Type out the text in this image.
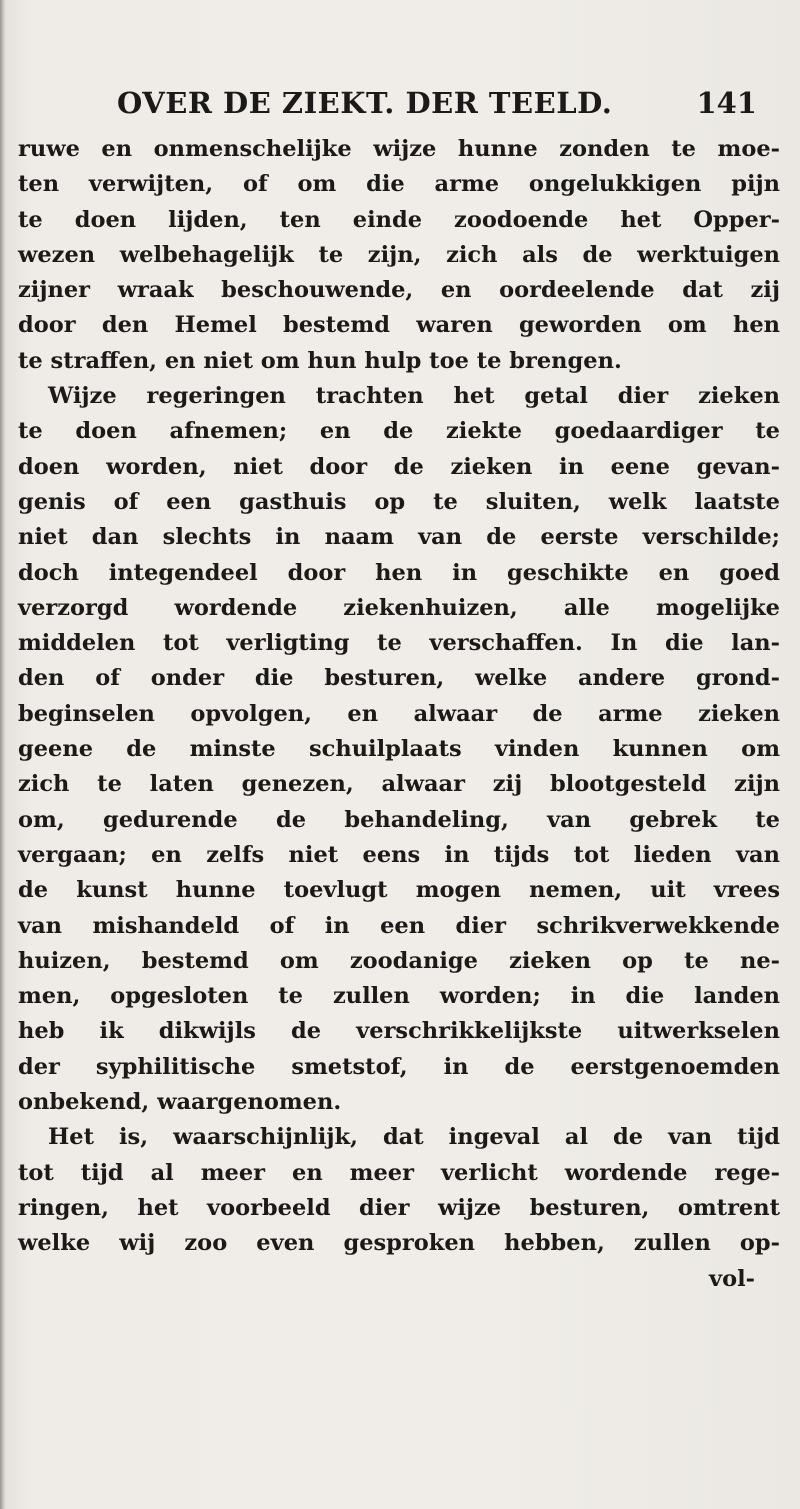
OVER DE ZIEKT. DER TEELD.	141
ruwe en onmenschelijke wijze hunne zonden te moe-
ten verwijten, of om die arme ongelukkigen pijn
te doen lijden, ten einde zoodoende het Opper-
wezen welbehagelijk te zijn, zich als de werktuigen
zijner wraak beschouwende, en oordeelende dat zij
door den Hemel bestemd waren geworden om hen
te straffen, en niet om hun hulp toe te brengen.
Wijze regeringen trachten het getal dier zieken
te doen afnemen; en de ziekte goedaardiger te
doen worden, niet door de zieken in eene gevan-
genis of een gasthuis op te sluiten, welk laatste
niet dan slechts in naam van de eerste verschilde;
doch integendeel door hen in geschikte en goed
verzorgd wordende ziekenhuizen, alle mogelijke
middelen tot verligting te verschaffen. In die lan-
den of onder die besturen, welke andere grond-
beginselen opvolgen, en alwaar de arme zieken
geene de minste schuilplaats vinden kunnen om
zich te laten genezen, alwaar zij blootgesteld zijn
om, gedurende de behandeling, van gebrek te
vergaan; en zelfs niet eens in tijds tot lieden van
de kunst hunne toevlugt mogen nemen, uit vrees
van mishandeld of in een dier schrikverwekkende
huizen, bestemd om zoodanige zieken op te ne-
men, opgesloten te zullen worden; in die landen
heb ik dikwijls de verschrikkelijkste uitwerkselen
der syphilitische smetstof, in de eerstgenoemden
onbekend, waargenomen.
Het is, waarschijnlijk, dat ingeval al de van tijd
tot tijd al meer en meer verlicht wordende rege-
ringen, het voorbeeld dier wijze besturen, omtrent
welke wij zoo even gesproken hebben, zullen op-
vol-
